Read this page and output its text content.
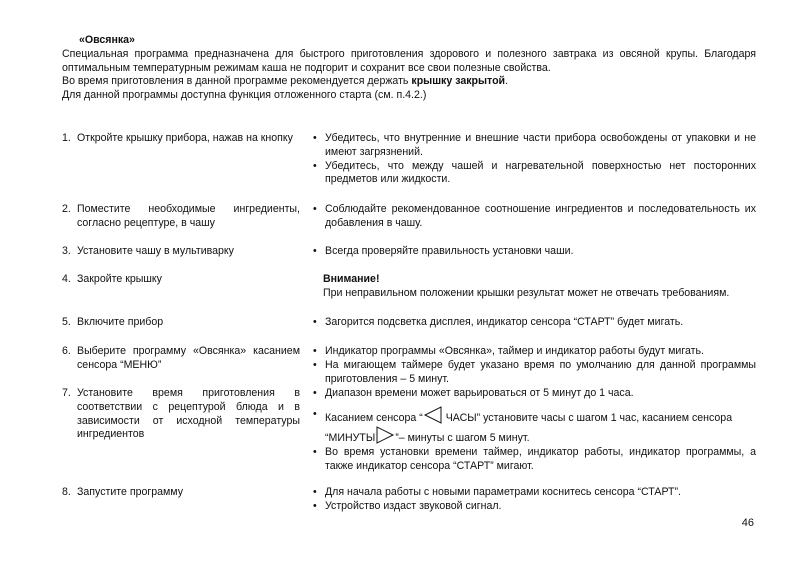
«Овсянка»

Специальная программа предназначена для быстрого приготовления здорового и полезного завтрака из овсяной крупы. Благодаря оптимальным температурным режимам каша не подгорит и сохранит все свои полезные свойства.

Во время приготовления в данной программе рекомендуется держать крышку закрытой.

Для данной программы доступна функция отложенного старта (см. п.4.2.)

1. Откройте крышку прибора, нажав на кнопку	• Убедитесь, что внутренние и внешние части прибора освобождены от упаковки и не имеют загрязнений.
• Убедитесь, что между чашей и нагревательной поверхностью нет посторонних предметов или жидкости.
2. Поместите необходимые ингредиенты, согласно рецептуре, в чашу
• Соблюдайте рекомендованное соотношение ингредиентов и последовательность их добавления в чашу.
3. Установите чашу в мультиварку	• Всегда проверяйте правильность установки чаши.
4. Закройте крышку	Внимание!
При неправильном положении крышки результат может не отвечать требованиям.
5. Включите прибор	• Загорится подсветка дисплея, индикатор сенсора “СТАРТ” будет мигать.
6. Выберите программу «Овсянка» касанием сенсора “МЕНЮ”
• Индикатор программы «Овсянка», таймер и индикатор работы будут мигать.
• На мигающем таймере будет указано время по умолчанию для данной программы приготовления – 5 минут.
7. Установите время приготовления в соответствии с рецептурой блюда и в зависимости от исходной температуры ингредиентов
• Диапазон времени может варьироваться от 5 минут до 1 часа.
• Касанием сенсора “ ЧАСЫ” установите часы с шагом 1 час, касанием сенсора
“МИНУТЫ ”– минуты с шагом 5 минут.
• Во время установки времени таймер, индикатор работы, индикатор программы, а также индикатор сенсора “СТАРТ” мигают.
8. Запустите программу	• Для начала работы с новыми параметрами коснитесь сенсора “СТАРТ”.
• Устройство издаст звуковой сигнал.
46
